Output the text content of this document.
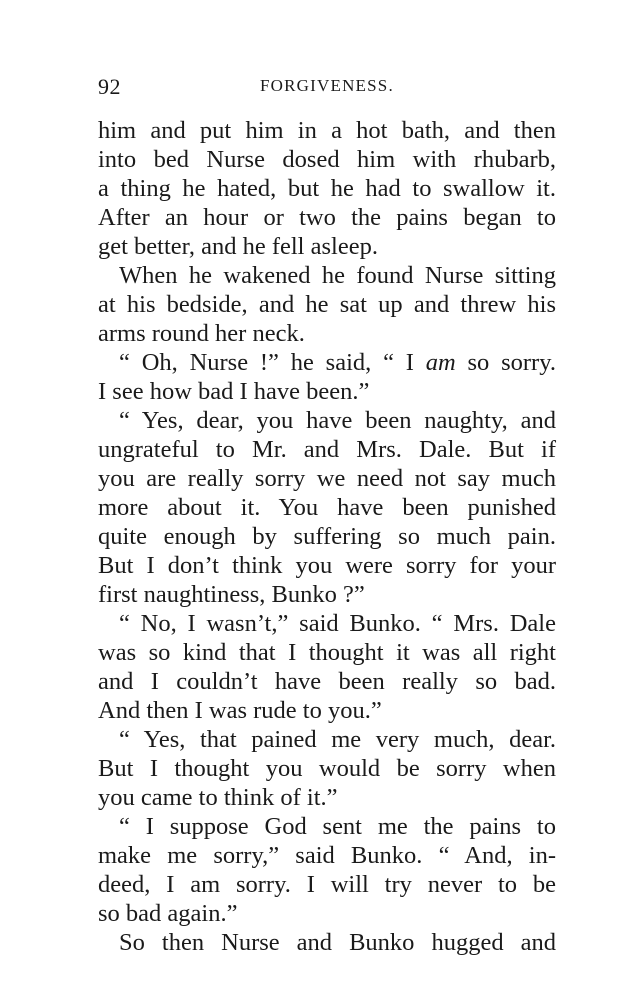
92	FORGIVENESS.
him and put him in a hot bath, and then
into bed Nurse dosed him with rhubarb,
a thing he hated, but he had to swallow it.
After an hour or two the pains began to
get better, and he fell asleep.
When he wakened he found Nurse sitting
at his bedside, and he sat up and threw his
arms round her neck.
“ Oh, Nurse !” he said, “ I am so sorry.
I see how bad I have been.”
“ Yes, dear, you have been naughty, and
ungrateful to Mr. and Mrs. Dale. But if
you are really sorry we need not say much
more about it. You have been punished
quite enough by suffering so much pain.
But I don’t think you were sorry for your
first naughtiness, Bunko ?”
“ No, I wasn’t,” said Bunko. “ Mrs. Dale
was so kind that I thought it was all right
and I couldn’t have been really so bad.
And then I was rude to you.”
“ Yes, that pained me very much, dear.
But I thought you would be sorry when
you came to think of it.”
“ I suppose God sent me the pains to
make me sorry,” said Bunko. “ And, in-
deed, I am sorry. I will try never to be
so bad again.”
So then Nurse and Bunko hugged and
